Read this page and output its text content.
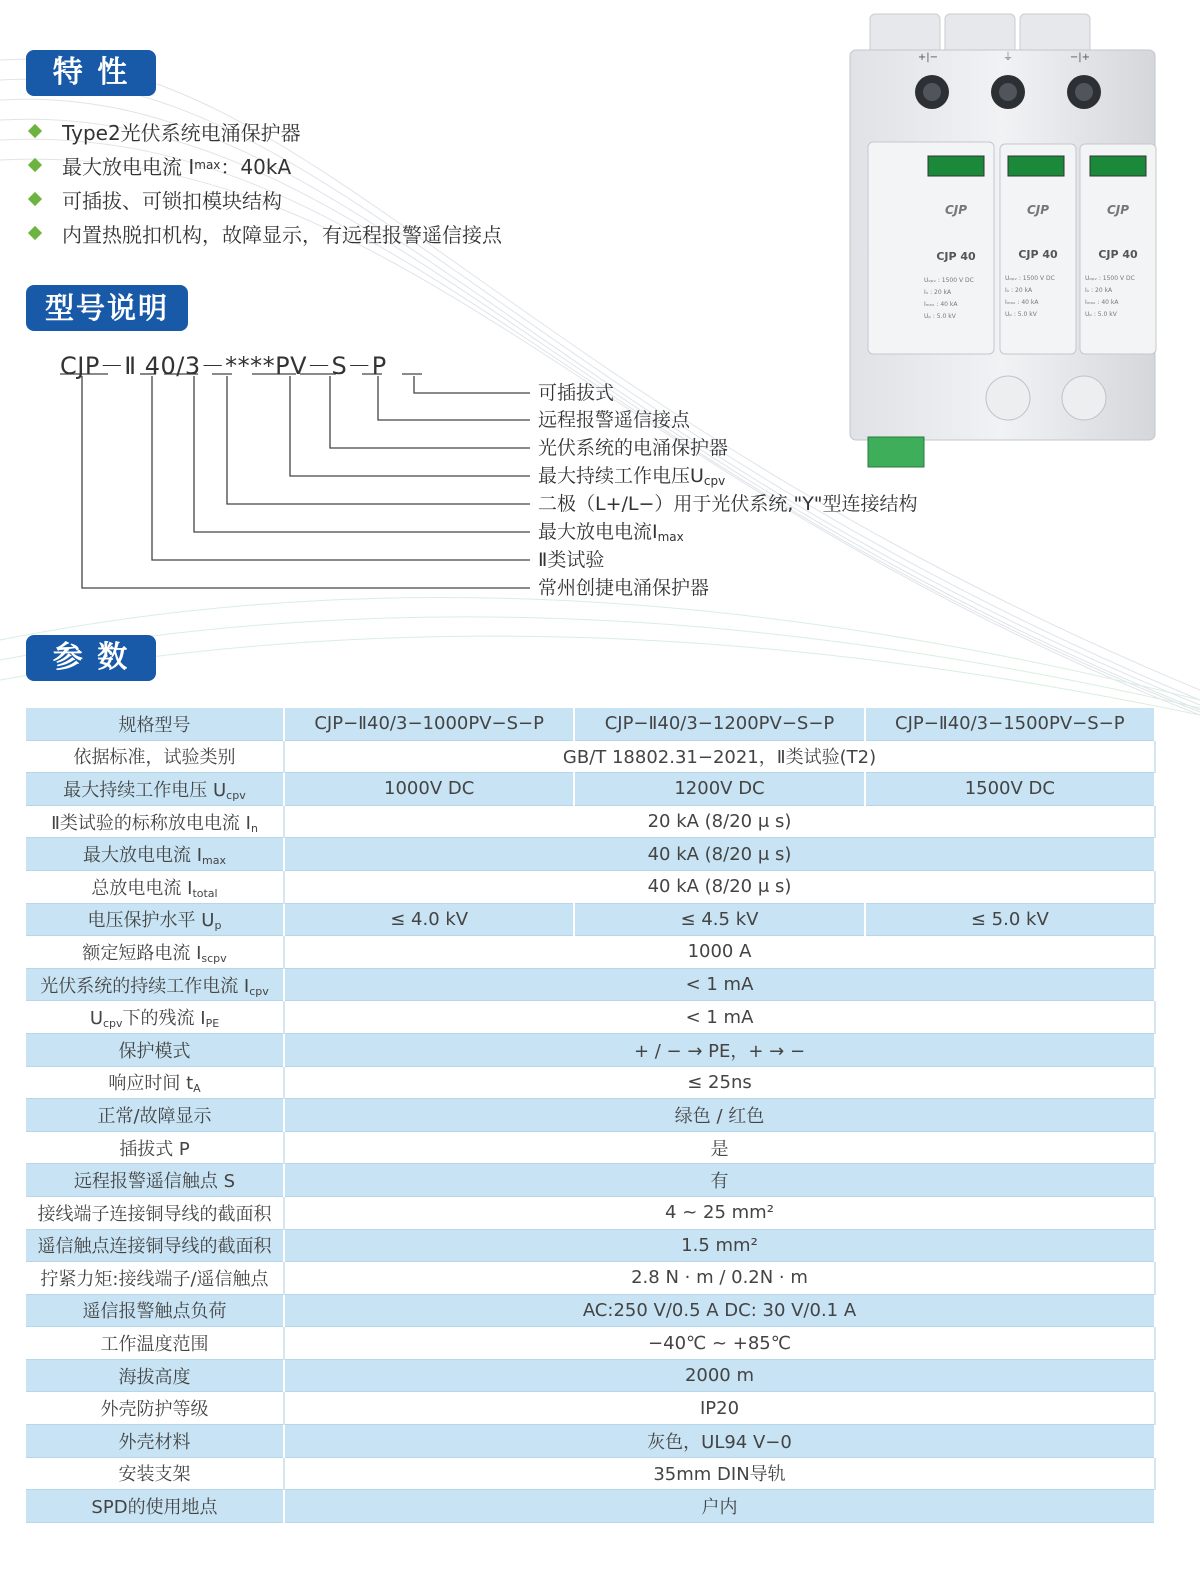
特 性
型号说明
参 数
Type2光伏系统电涌保护器
最大放电电流 I max ：40kA
可插拔、可锁扣模块结构
内置热脱扣机构，故障显示，有远程报警遥信接点
CJP－Ⅱ 40/3－****PV－S－P
可插拔式
远程报警遥信接点
光伏系统的电涌保护器
最大持续工作电压$U_{cpv}$
二极（L+/L−）用于光伏系统,"Y"型连接结构
最大放电电流$I_{max}$
Ⅱ类试验
常州创捷电涌保护器
+|−	⏚	−|+
CJP	CJP	CJP
CJP 40	CJP 40	CJP 40
Uₒₚᵥ : 1500 V DC
Iₙ : 20 kA
Iₘₐₓ : 40 kA
Uₚ : 5.0 kV
Uₒₚᵥ : 1500 V DC
Iₙ : 20 kA
Iₘₐₓ : 40 kA
Uₚ : 5.0 kV
Uₒₚᵥ : 1500 V DC
Iₙ : 20 kA
Iₘₐₓ : 40 kA
Uₚ : 5.0 kV
规格型号	CJP−Ⅱ40/3−1000PV−S−P	CJP−Ⅱ40/3−1200PV−S−P	CJP−Ⅱ40/3−1500PV−S−P
依据标准，试验类别	GB/T 18802.31−2021，Ⅱ类试验(T2)		
最大持续工作电压 $U_{cpv}$	1000V DC	1200V DC	1500V DC
Ⅱ类试验的标称放电电流 $I_n$	20 kA (8/20 μ s)		
最大放电电流 $I_{max}$	40 kA (8/20 μ s)		
总放电电流 $I_{total}$	40 kA (8/20 μ s)		
电压保护水平 $U_p$	≤ 4.0 kV	≤ 4.5 kV	≤ 5.0 kV
额定短路电流 $I_{scpv}$	1000 A		
光伏系统的持续工作电流 $I_{cpv}$	< 1 mA		
$U_{cpv}$下的残流 $I_{PE}$	< 1 mA		
保护模式	+ / − → PE，+ → −		
响应时间 $t_A$	≤ 25ns		
正常/故障显示	绿色 / 红色		
插拔式 P	是		
远程报警遥信触点 S	有		
接线端子连接铜导线的截面积	4 ~ 25 mm²		
遥信触点连接铜导线的截面积	1.5 mm²		
拧紧力矩:接线端子/遥信触点	2.8 N · m / 0.2N · m		
遥信报警触点负荷	AC:250 V/0.5 A DC: 30 V/0.1 A		
工作温度范围	−40℃ ~ +85℃		
海拔高度	2000 m		
外壳防护等级	IP20		
外壳材料	灰色，UL94 V−0		
安装支架	35mm DIN导轨		
SPD的使用地点	户内		
